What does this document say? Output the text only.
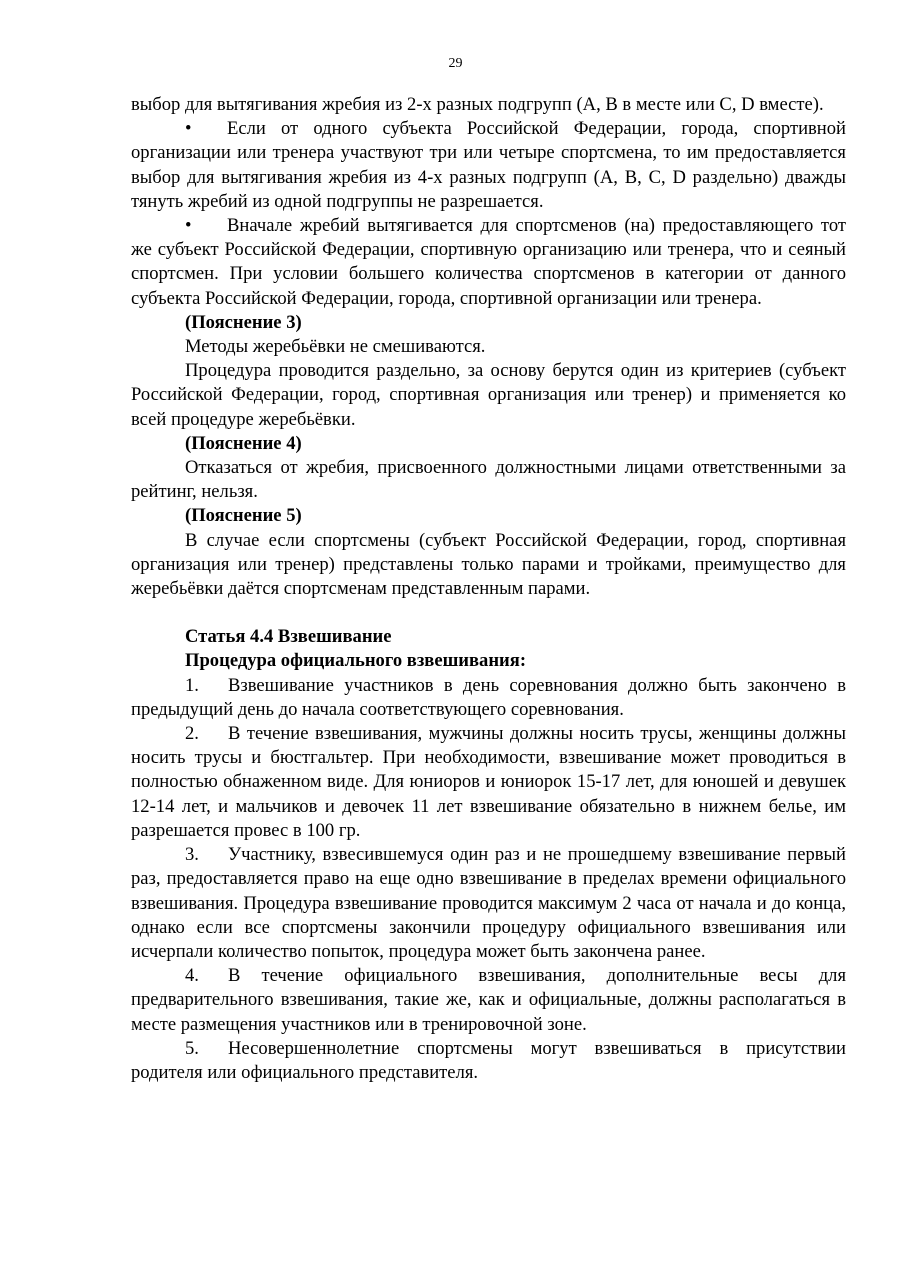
29

выбор для вытягивания жребия из 2-х разных подгрупп (A, B в месте или C, D вместе).

• Если от одного субъекта Российской Федерации, города, спортивной организации или тренера участвуют три или четыре спортсмена, то им предоставляется выбор для вытягивания жребия из 4-х разных подгрупп (A, B, C, D раздельно) дважды тянуть жребий из одной подгруппы не разрешается.

• Вначале жребий вытягивается для спортсменов (на) предоставляющего тот же субъект Российской Федерации, спортивную организацию или тренера, что и сеяный спортсмен. При условии большего количества спортсменов в категории от данного субъекта Российской Федерации, города, спортивной организации или тренера.

(Пояснение 3)

Методы жеребьёвки не смешиваются.

Процедура проводится раздельно, за основу берутся один из критериев (субъект Российской Федерации, город, спортивная организация или тренер) и применяется ко всей процедуре жеребьёвки.

(Пояснение 4)

Отказаться от жребия, присвоенного должностными лицами ответственными за рейтинг, нельзя.

(Пояснение 5)

В случае если спортсмены (субъект Российской Федерации, город, спортивная организация или тренер) представлены только парами и тройками, преимущество для жеребьёвки даётся спортсменам представленным парами.

Статья 4.4 Взвешивание

Процедура официального взвешивания:

1. Взвешивание участников в день соревнования должно быть закончено в предыдущий день до начала соответствующего соревнования.

2. В течение взвешивания, мужчины должны носить трусы, женщины должны носить трусы и бюстгальтер. При необходимости, взвешивание может проводиться в полностью обнаженном виде. Для юниоров и юниорок 15-17 лет, для юношей и девушек 12-14 лет, и мальчиков и девочек 11 лет взвешивание обязательно в нижнем белье, им разрешается провес в 100 гр.

3. Участнику, взвесившемуся один раз и не прошедшему взвешивание первый раз, предоставляется право на еще одно взвешивание в пределах времени официального взвешивания. Процедура взвешивание проводится максимум 2 часа от начала и до конца, однако если все спортсмены закончили процедуру официального взвешивания или исчерпали количество попыток, процедура может быть закончена ранее.

4. В течение официального взвешивания, дополнительные весы для предварительного взвешивания, такие же, как и официальные, должны располагаться в месте размещения участников или в тренировочной зоне.

5. Несовершеннолетние спортсмены могут взвешиваться в присутствии родителя или официального представителя.
